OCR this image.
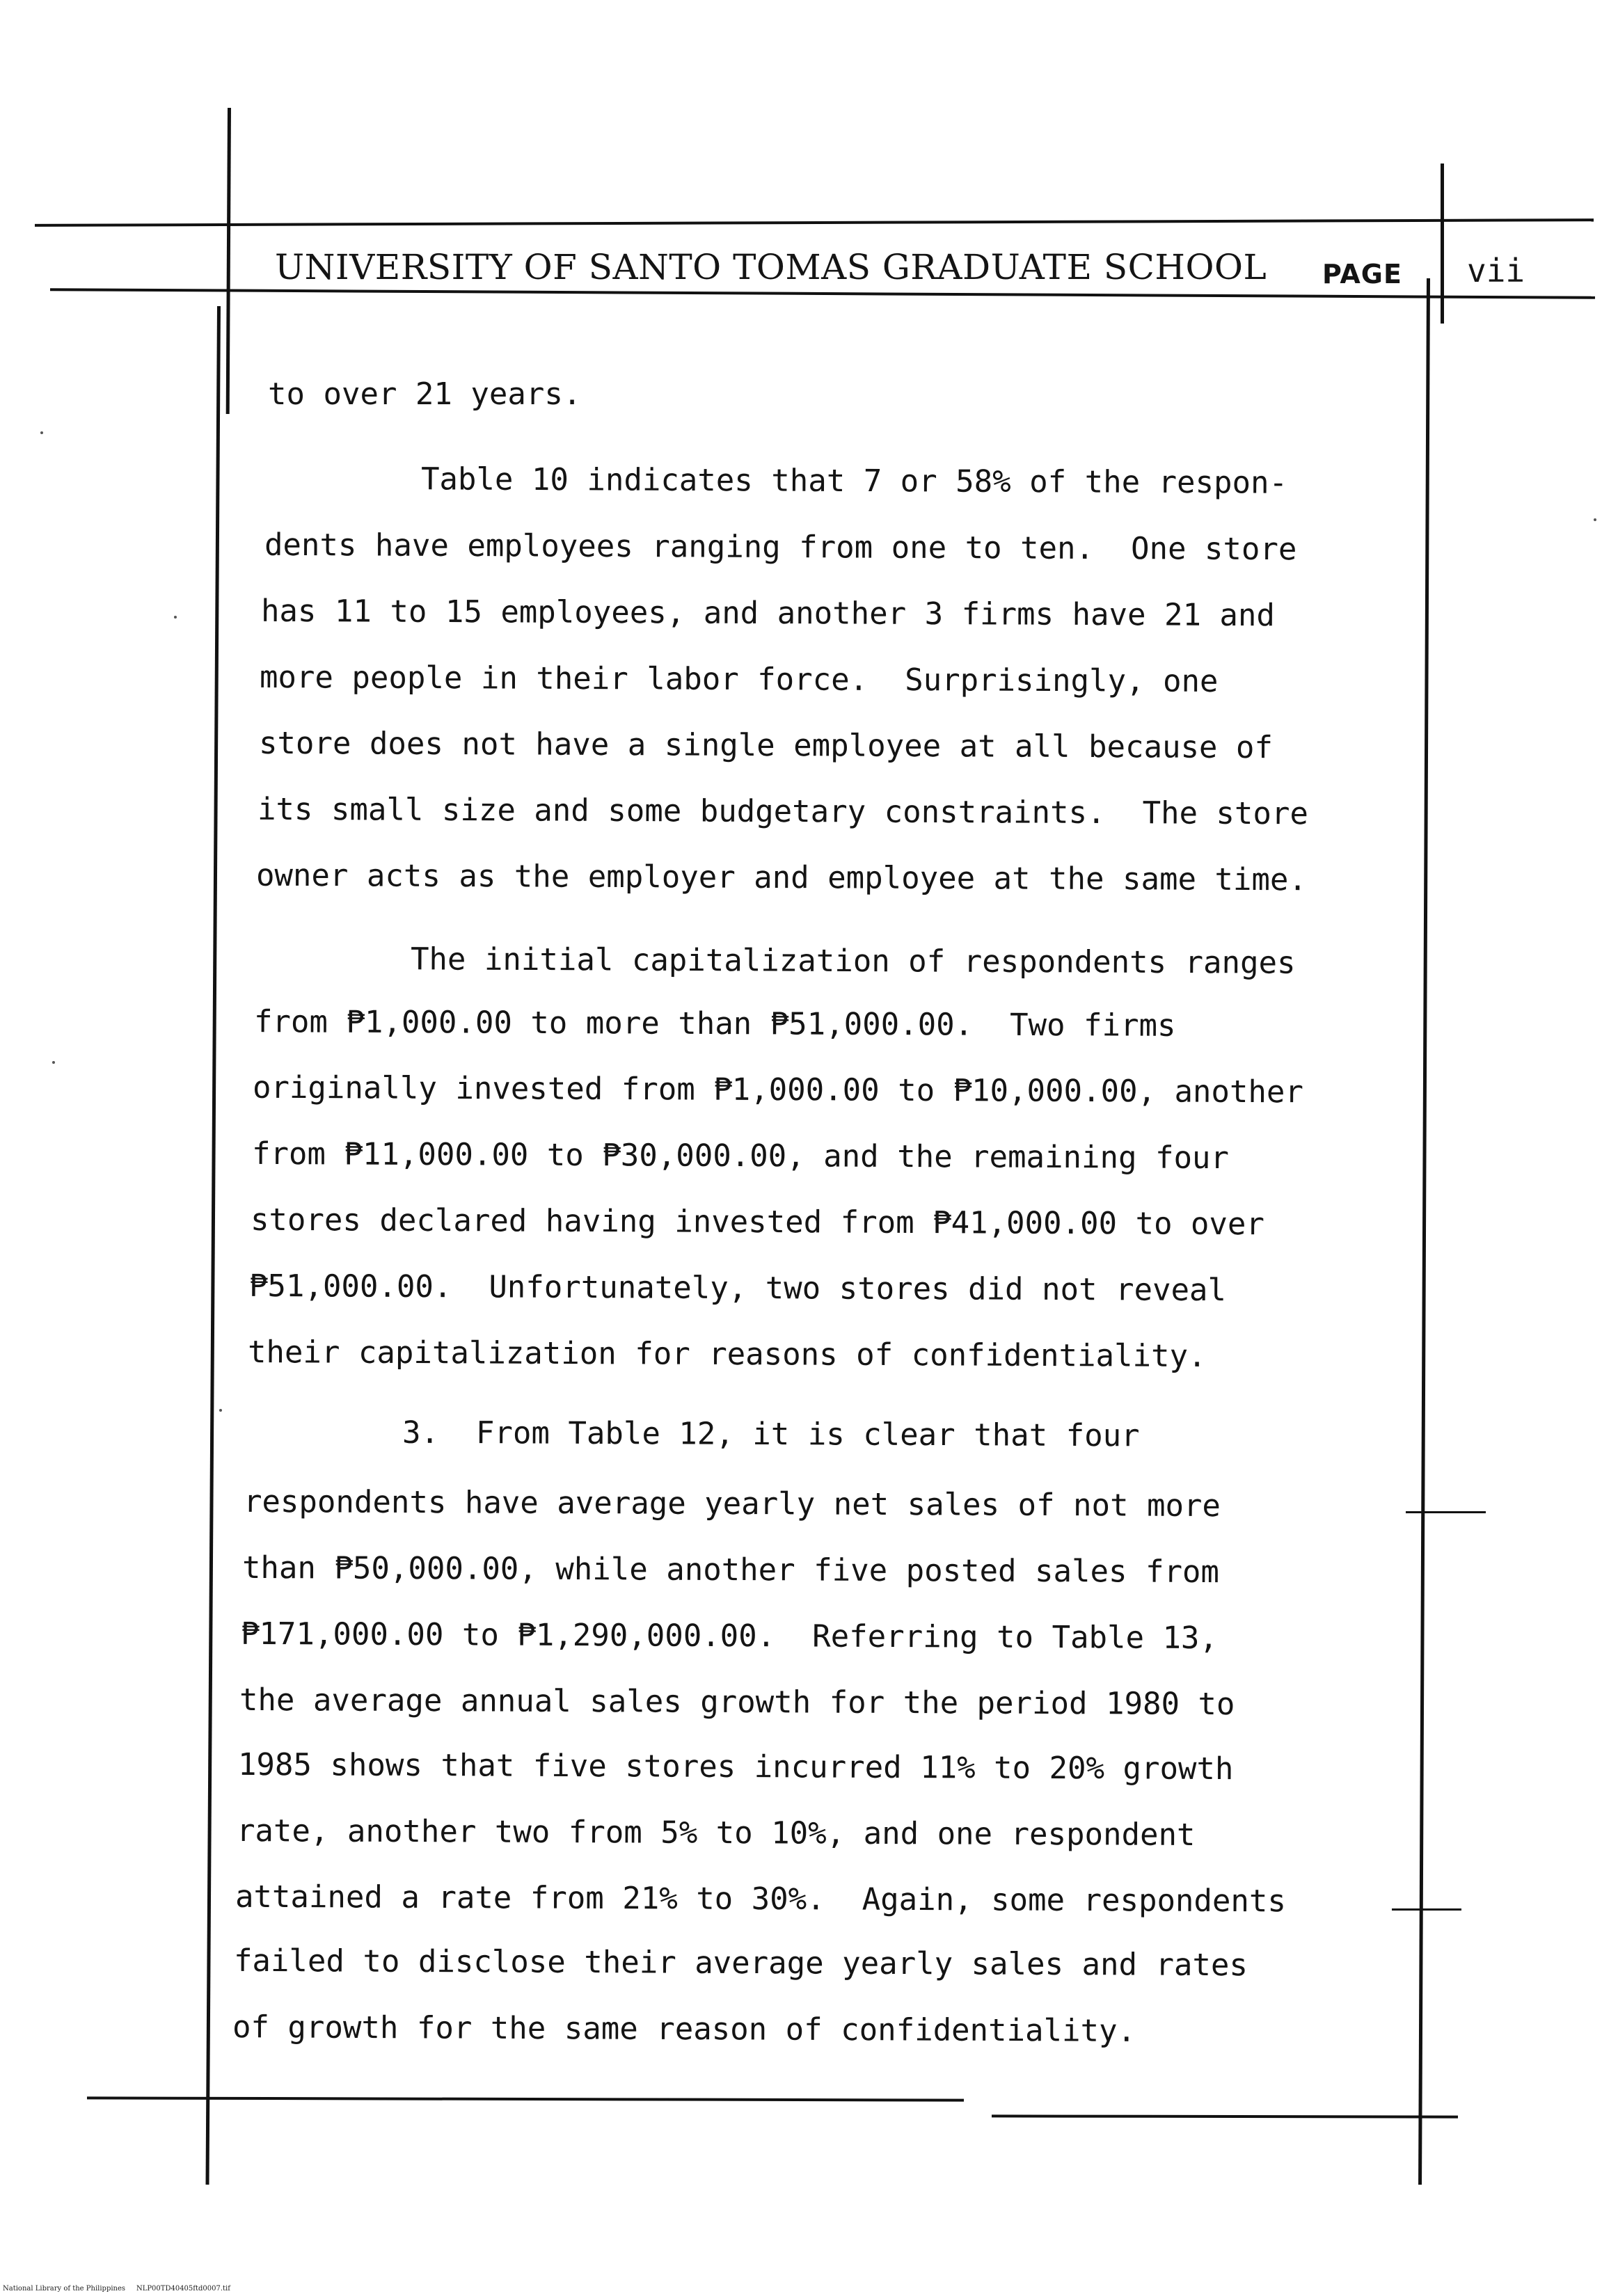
UNIVERSITY OF SANTO TOMAS GRADUATE SCHOOL PAGE vii
to over 21 years.
Table 10 indicates that 7 or 58% of the respon-
dents have employees ranging from one to ten.  One store
has 11 to 15 employees, and another 3 firms have 21 and
more people in their labor force.  Surprisingly, one
store does not have a single employee at all because of
its small size and some budgetary constraints.  The store
owner acts as the employer and employee at the same time.
The initial capitalization of respondents ranges
from ₱1,000.00 to more than ₱51,000.00.  Two firms
originally invested from ₱1,000.00 to ₱10,000.00, another
from ₱11,000.00 to ₱30,000.00, and the remaining four
stores declared having invested from ₱41,000.00 to over
₱51,000.00.  Unfortunately, two stores did not reveal
their capitalization for reasons of confidentiality.
3.  From Table 12, it is clear that four
respondents have average yearly net sales of not more
than ₱50,000.00, while another five posted sales from
₱171,000.00 to ₱1,290,000.00.  Referring to Table 13,
the average annual sales growth for the period 1980 to
1985 shows that five stores incurred 11% to 20% growth
rate, another two from 5% to 10%, and one respondent
attained a rate from 21% to 30%.  Again, some respondents
failed to disclose their average yearly sales and rates
of growth for the same reason of confidentiality.
National Library of the Philippines NLP00TD40405ftd0007.tif
